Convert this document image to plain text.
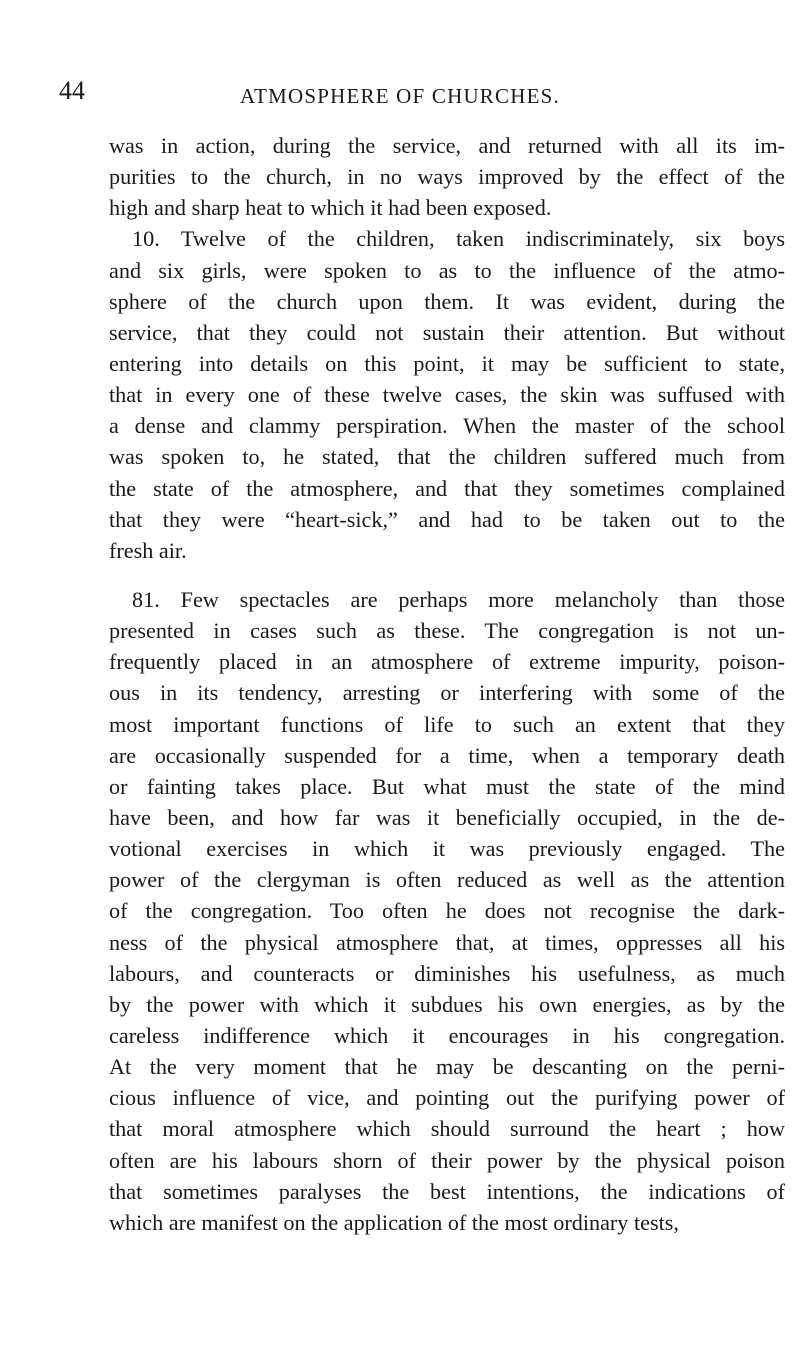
44	ATMOSPHERE OF CHURCHES.
was in action, during the service, and returned with all its im-
purities to the church, in no ways improved by the effect of the
high and sharp heat to which it had been exposed.
10. Twelve of the children, taken indiscriminately, six boys
and six girls, were spoken to as to the influence of the atmo-
sphere of the church upon them. It was evident, during the
service, that they could not sustain their attention. But without
entering into details on this point, it may be sufficient to state,
that in every one of these twelve cases, the skin was suffused with
a dense and clammy perspiration. When the master of the school
was spoken to, he stated, that the children suffered much from
the state of the atmosphere, and that they sometimes complained
that they were “heart-sick,” and had to be taken out to the
fresh air.
81. Few spectacles are perhaps more melancholy than those
presented in cases such as these. The congregation is not un-
frequently placed in an atmosphere of extreme impurity, poison-
ous in its tendency, arresting or interfering with some of the
most important functions of life to such an extent that they
are occasionally suspended for a time, when a temporary death
or fainting takes place. But what must the state of the mind
have been, and how far was it beneficially occupied, in the de-
votional exercises in which it was previously engaged. The
power of the clergyman is often reduced as well as the attention
of the congregation. Too often he does not recognise the dark-
ness of the physical atmosphere that, at times, oppresses all his
labours, and counteracts or diminishes his usefulness, as much
by the power with which it subdues his own energies, as by the
careless indifference which it encourages in his congregation.
At the very moment that he may be descanting on the perni-
cious influence of vice, and pointing out the purifying power of
that moral atmosphere which should surround the heart ; how
often are his labours shorn of their power by the physical poison
that sometimes paralyses the best intentions, the indications of
which are manifest on the application of the most ordinary tests,
